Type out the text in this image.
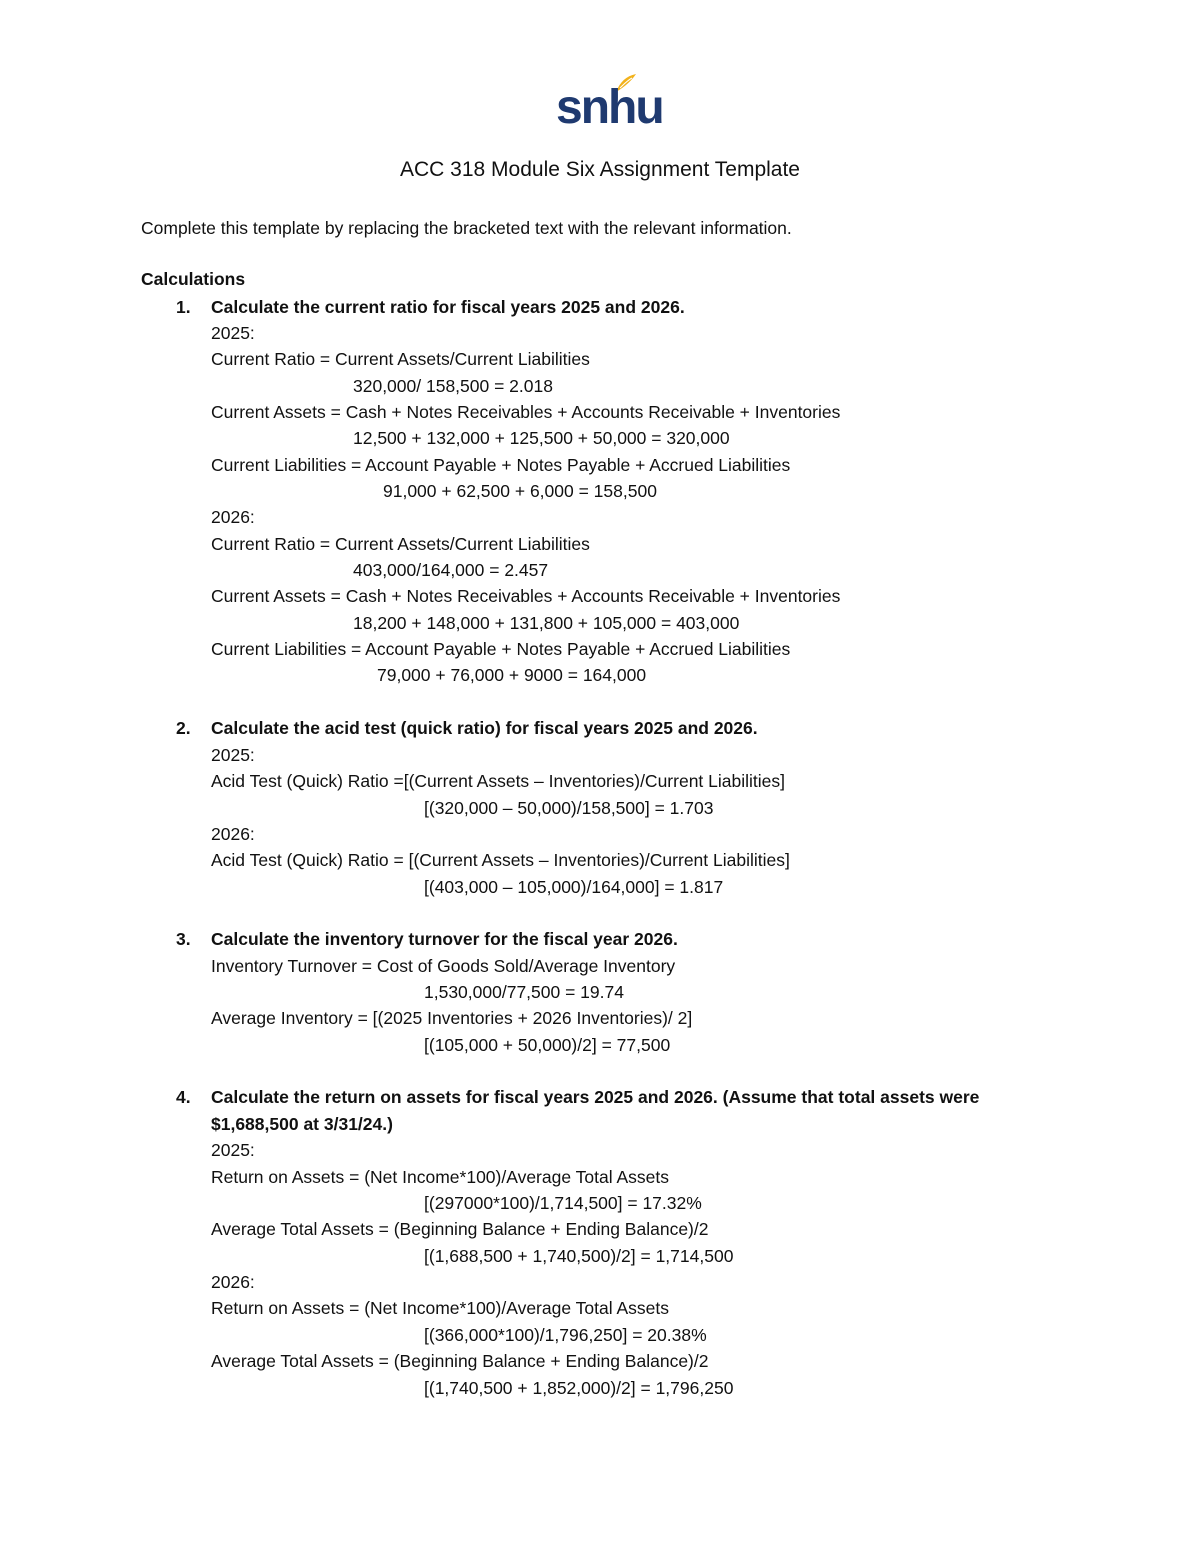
snhu
ACC 318 Module Six Assignment Template
Complete this template by replacing the bracketed text with the relevant information.
Calculations
1. Calculate the current ratio for fiscal years 2025 and 2026.
2025:
Current Ratio = Current Assets/Current Liabilities
320,000/ 158,500 = 2.018
Current Assets = Cash + Notes Receivables + Accounts Receivable + Inventories
12,500 + 132,000 + 125,500 + 50,000 = 320,000
Current Liabilities = Account Payable + Notes Payable + Accrued Liabilities
91,000 + 62,500 + 6,000 = 158,500
2026:
Current Ratio = Current Assets/Current Liabilities
403,000/164,000 = 2.457
Current Assets = Cash + Notes Receivables + Accounts Receivable + Inventories
18,200 + 148,000 + 131,800 + 105,000 = 403,000
Current Liabilities = Account Payable + Notes Payable + Accrued Liabilities
79,000 + 76,000 + 9000 = 164,000
2. Calculate the acid test (quick ratio) for fiscal years 2025 and 2026.
2025:
Acid Test (Quick) Ratio =[(Current Assets – Inventories)/Current Liabilities]
[(320,000 – 50,000)/158,500] = 1.703
2026:
Acid Test (Quick) Ratio = [(Current Assets – Inventories)/Current Liabilities]
[(403,000 – 105,000)/164,000] = 1.817
3. Calculate the inventory turnover for the fiscal year 2026.
Inventory Turnover = Cost of Goods Sold/Average Inventory
1,530,000/77,500 = 19.74
Average Inventory = [(2025 Inventories + 2026 Inventories)/ 2]
[(105,000 + 50,000)/2] = 77,500
4. Calculate the return on assets for fiscal years 2025 and 2026. (Assume that total assets were
$1,688,500 at 3/31/24.)
2025:
Return on Assets = (Net Income*100)/Average Total Assets
[(297000*100)/1,714,500] = 17.32%
Average Total Assets = (Beginning Balance + Ending Balance)/2
[(1,688,500 + 1,740,500)/2] = 1,714,500
2026:
Return on Assets = (Net Income*100)/Average Total Assets
[(366,000*100)/1,796,250] = 20.38%
Average Total Assets = (Beginning Balance + Ending Balance)/2
[(1,740,500 + 1,852,000)/2] = 1,796,250
